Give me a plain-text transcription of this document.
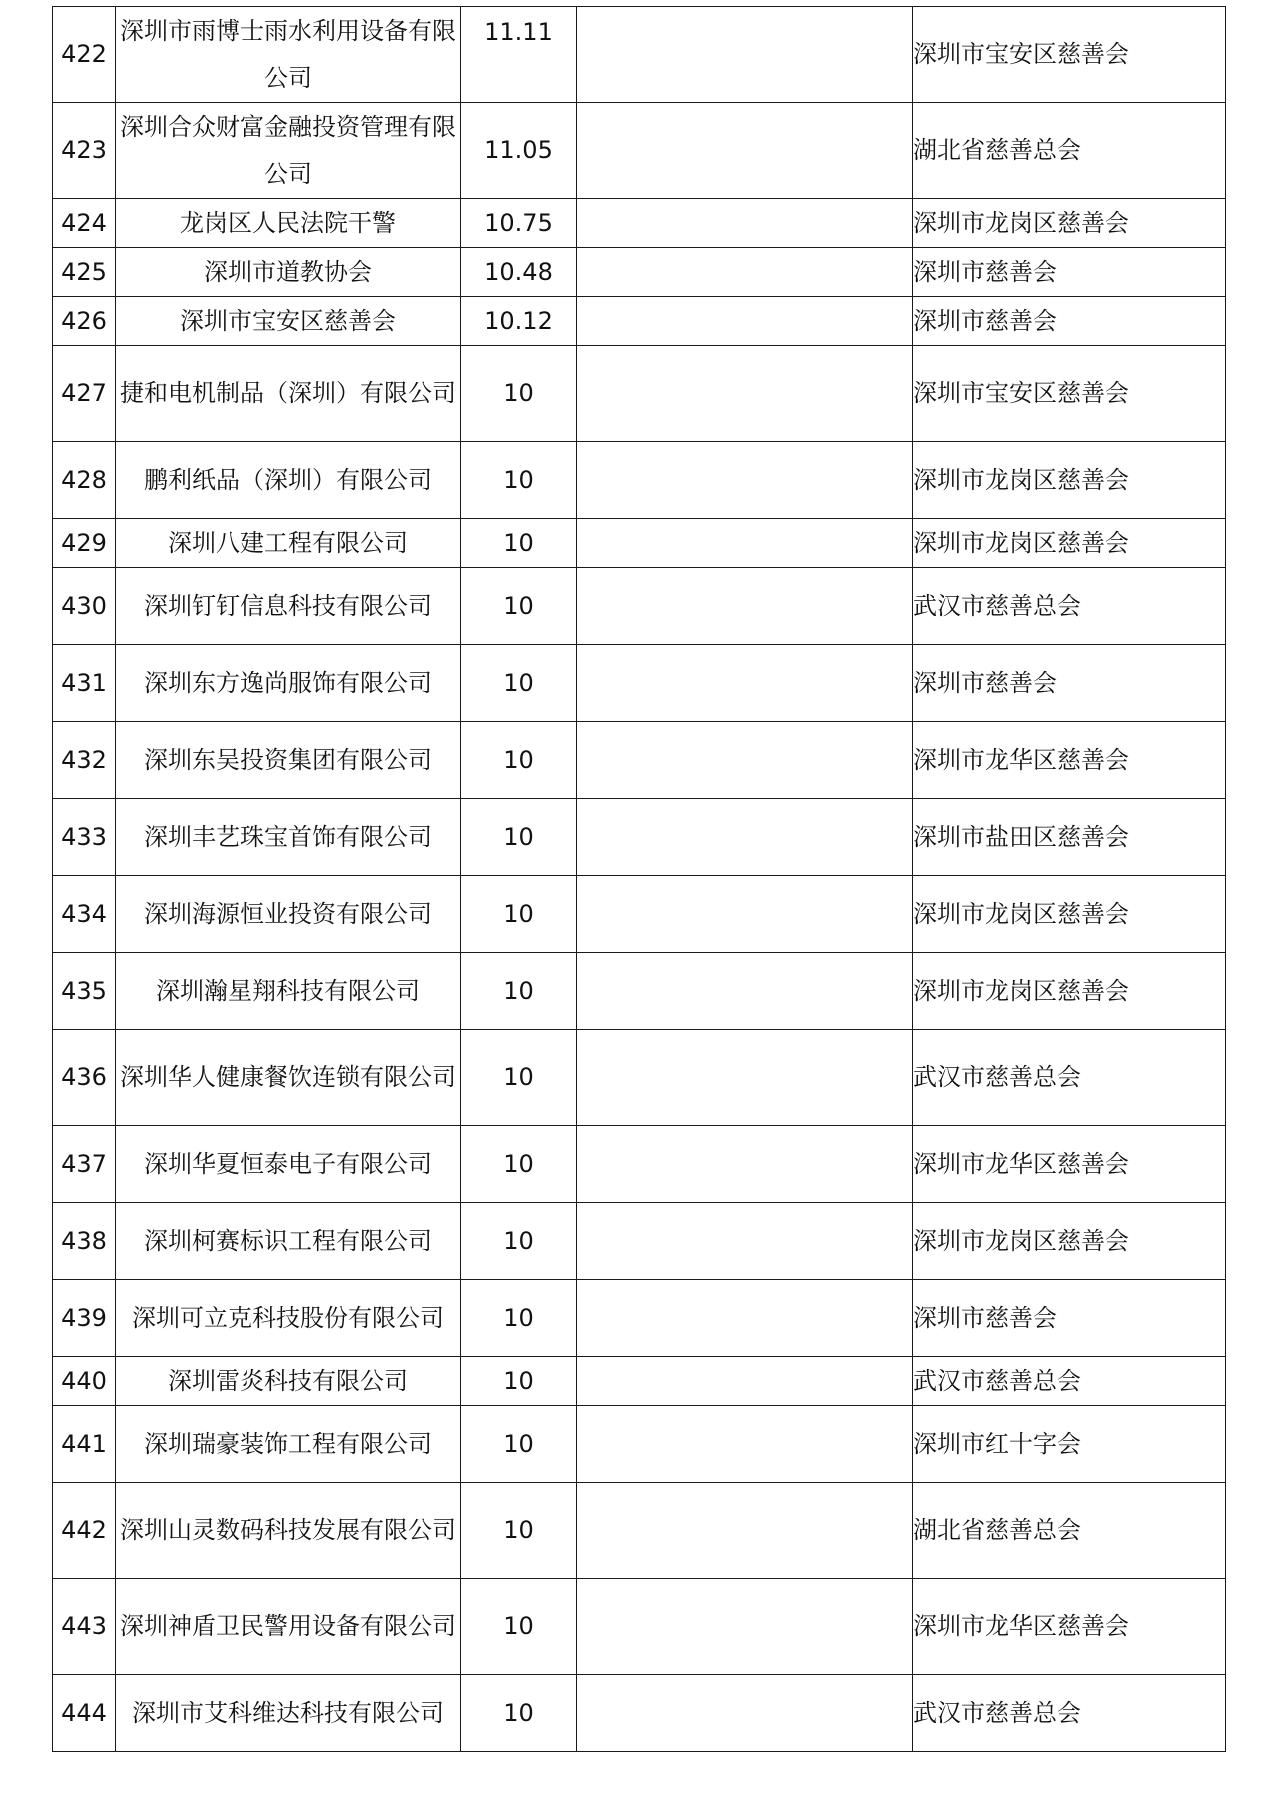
422	深圳市雨博士雨水利用设备有限公司	11.11		深圳市宝安区慈善会
423	深圳合众财富金融投资管理有限公司	11.05		湖北省慈善总会
424	龙岗区人民法院干警	10.75		深圳市龙岗区慈善会
425	深圳市道教协会	10.48		深圳市慈善会
426	深圳市宝安区慈善会	10.12		深圳市慈善会
427	捷和电机制品（深圳）有限公司	10		深圳市宝安区慈善会
428	鹏利纸品（深圳）有限公司	10		深圳市龙岗区慈善会
429	深圳八建工程有限公司	10		深圳市龙岗区慈善会
430	深圳钉钉信息科技有限公司	10		武汉市慈善总会
431	深圳东方逸尚服饰有限公司	10		深圳市慈善会
432	深圳东吴投资集团有限公司	10		深圳市龙华区慈善会
433	深圳丰艺珠宝首饰有限公司	10		深圳市盐田区慈善会
434	深圳海源恒业投资有限公司	10		深圳市龙岗区慈善会
435	深圳瀚星翔科技有限公司	10		深圳市龙岗区慈善会
436	深圳华人健康餐饮连锁有限公司	10		武汉市慈善总会
437	深圳华夏恒泰电子有限公司	10		深圳市龙华区慈善会
438	深圳柯赛标识工程有限公司	10		深圳市龙岗区慈善会
439	深圳可立克科技股份有限公司	10		深圳市慈善会
440	深圳雷炎科技有限公司	10		武汉市慈善总会
441	深圳瑞豪装饰工程有限公司	10		深圳市红十字会
442	深圳山灵数码科技发展有限公司	10		湖北省慈善总会
443	深圳神盾卫民警用设备有限公司	10		深圳市龙华区慈善会
444	深圳市艾科维达科技有限公司	10		武汉市慈善总会
